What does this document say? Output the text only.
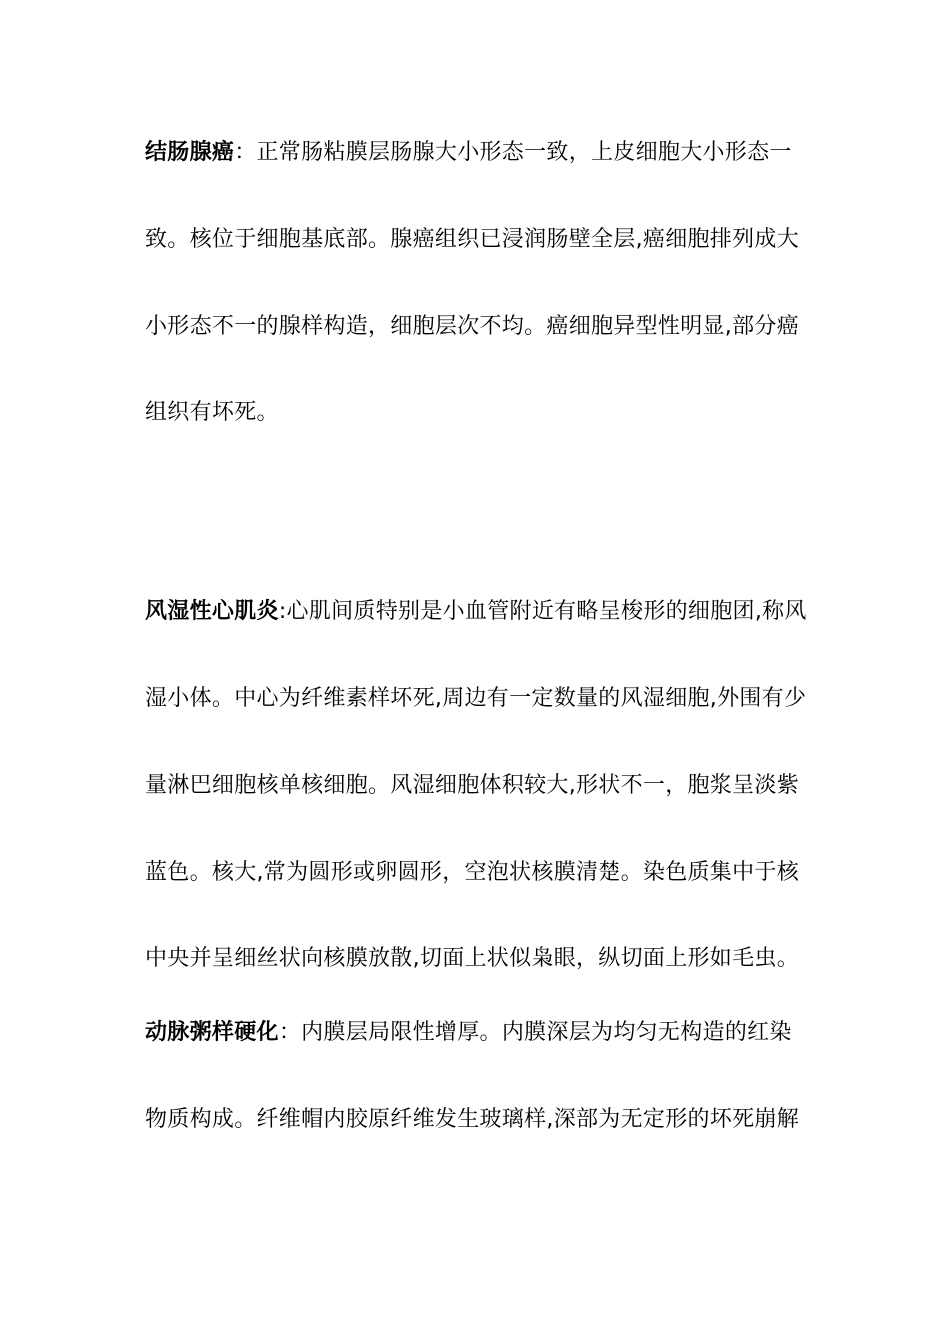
结肠腺癌：正常肠粘膜层肠腺大小形态一致，上皮细胞大小形态一
致。核位于细胞基底部。腺癌组织已浸润肠壁全层,癌细胞排列成大
小形态不一的腺样构造，细胞层次不均。癌细胞异型性明显,部分癌
组织有坏死。
风湿性心肌炎:心肌间质特别是小血管附近有略呈梭形的细胞团,称风
湿小体。中心为纤维素样坏死,周边有一定数量的风湿细胞,外围有少
量淋巴细胞核单核细胞。风湿细胞体积较大,形状不一，胞浆呈淡紫
蓝色。核大,常为圆形或卵圆形，空泡状核膜清楚。染色质集中于核
中央并呈细丝状向核膜放散,切面上状似枭眼，纵切面上形如毛虫。
动脉粥样硬化：内膜层局限性增厚。内膜深层为均匀无构造的红染
物质构成。纤维帽内胶原纤维发生玻璃样,深部为无定形的坏死崩解
